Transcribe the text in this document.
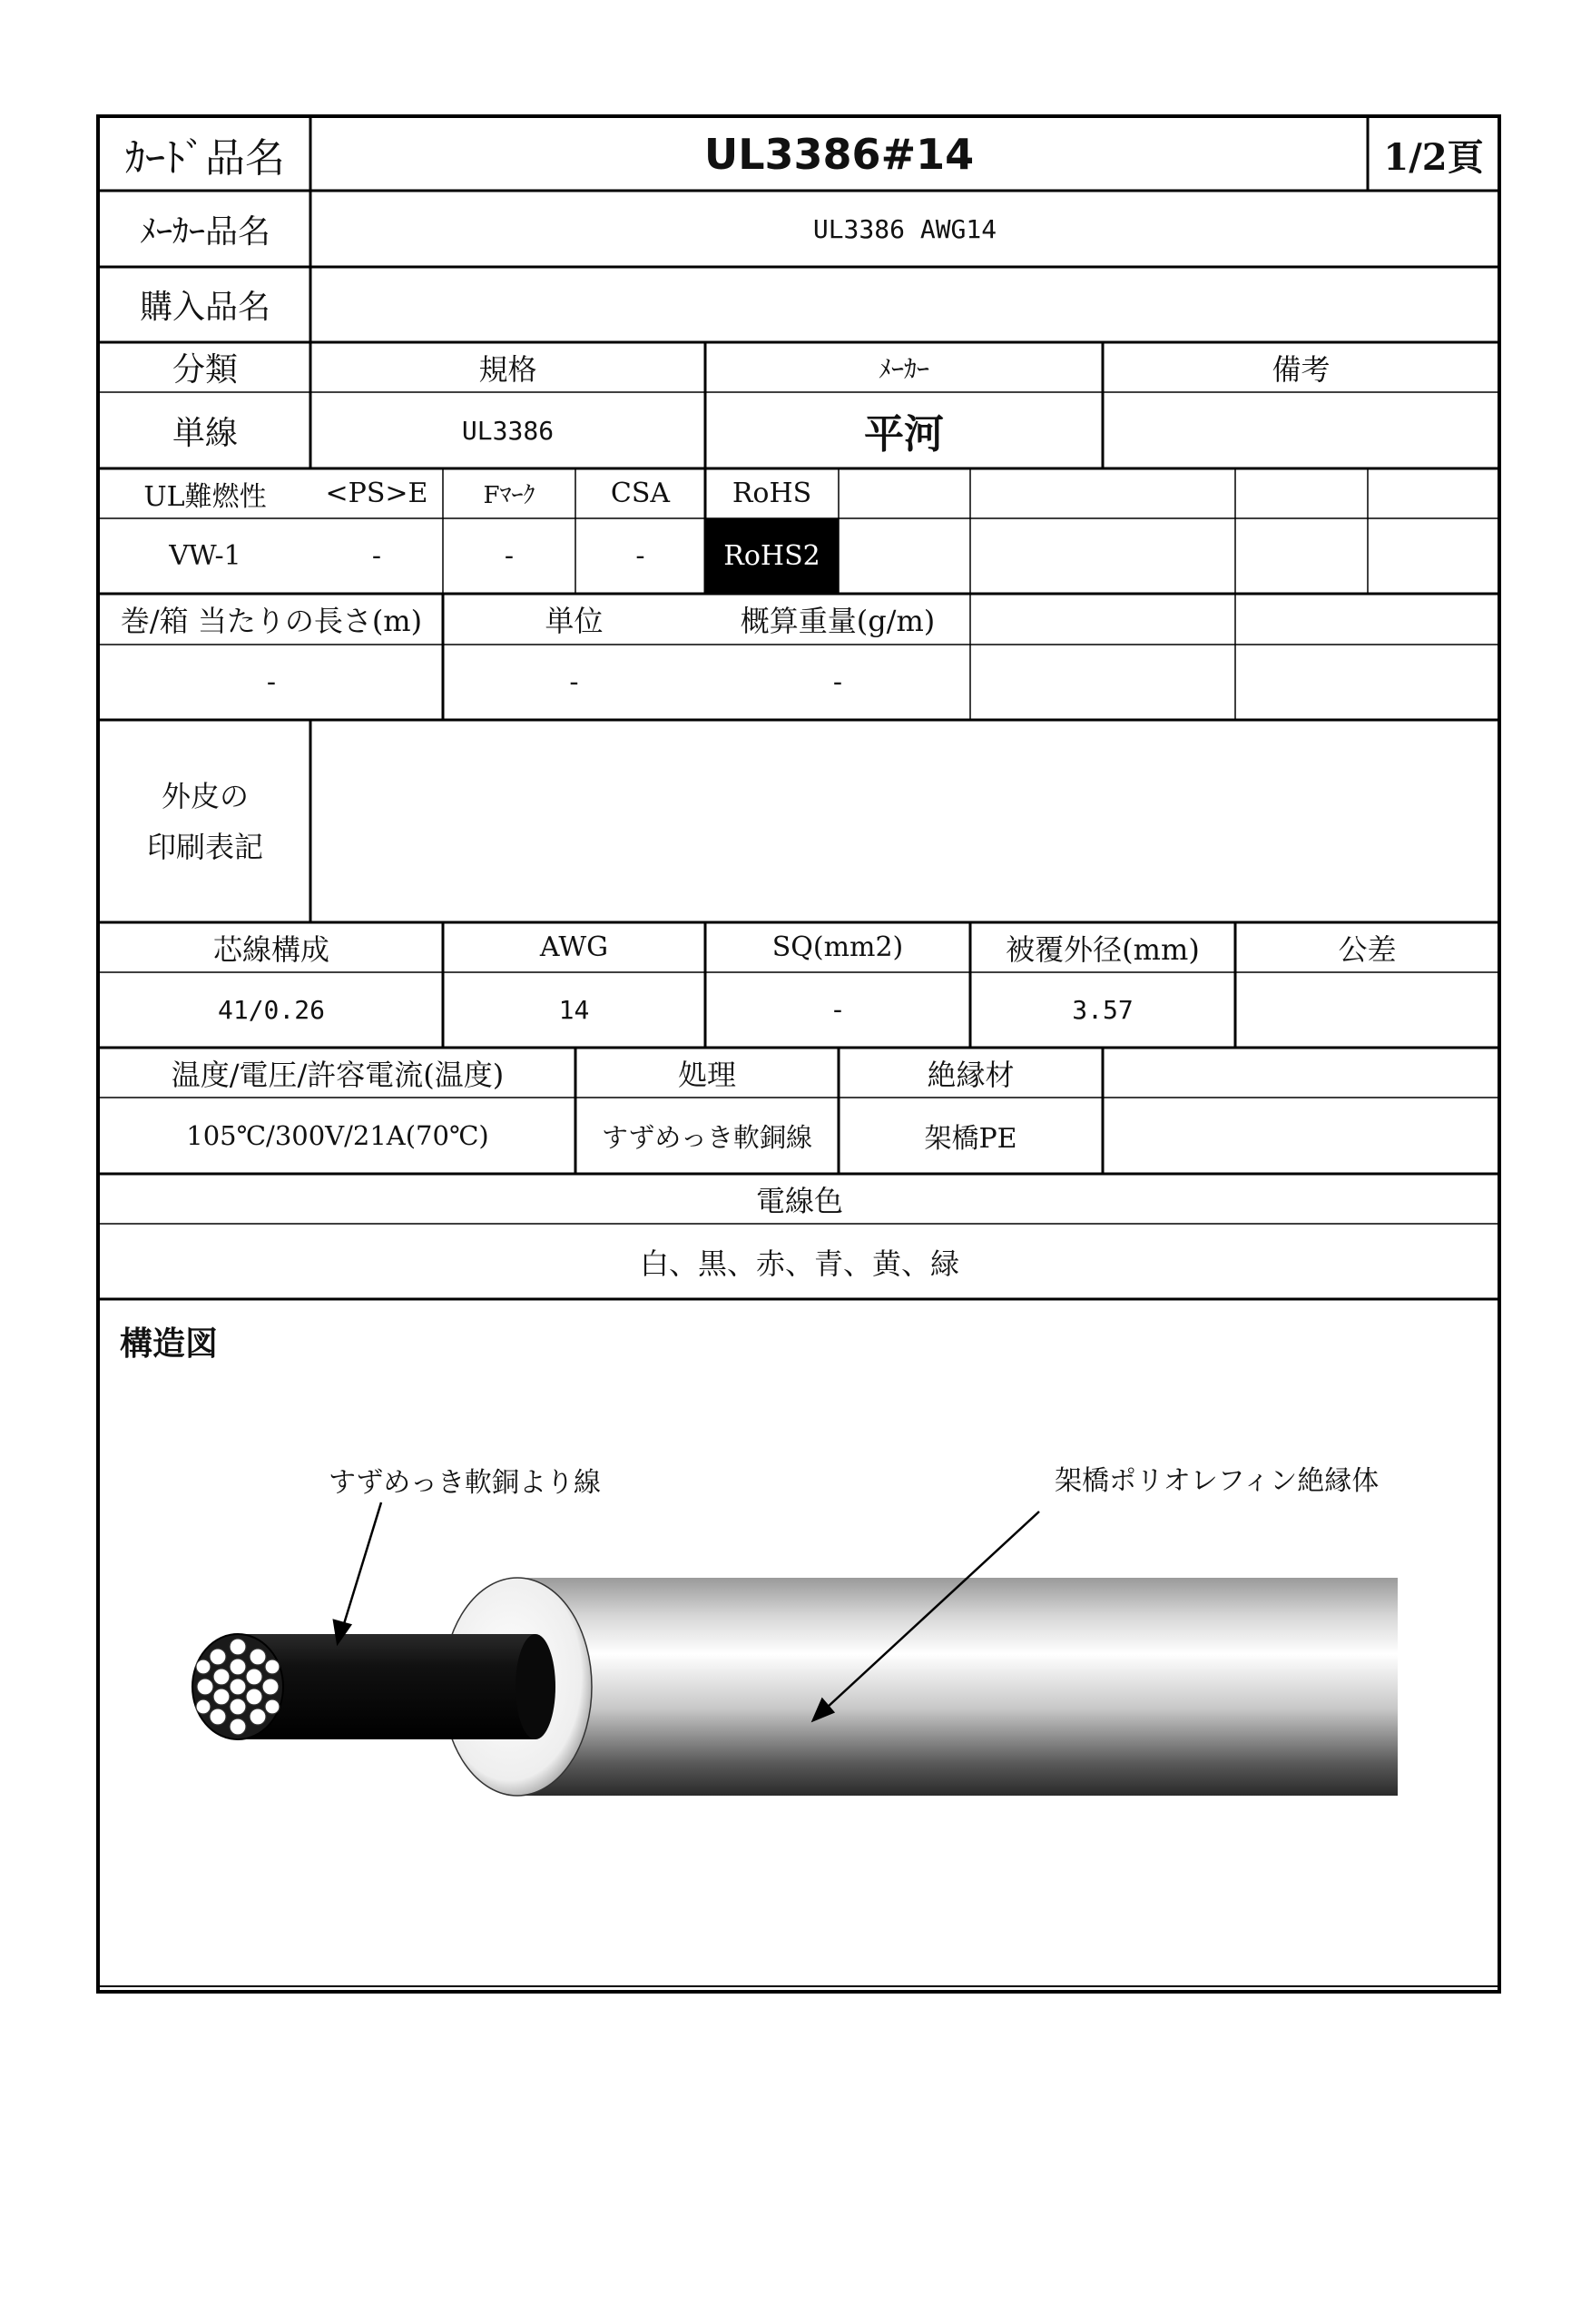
ｶｰﾄﾞ品名	UL3386#14	1/2頁
ﾒｰｶｰ品名	UL3386 AWG14
購入品名
分類	規格	ﾒｰｶｰ	備考
単線	UL3386	平河
UL難燃性	<PS>E	Fﾏｰｸ	CSA	RoHS
VW-1	-	-	-	RoHS2
巻/箱 当たりの長さ(m)	単位	概算重量(g/m)
-	-	-
外皮の
印刷表記
芯線構成	AWG	SQ(mm2)	被覆外径(mm)	公差
41/0.26	14	-	3.57
温度/電圧/許容電流(温度)	処理	絶縁材
105℃/300V/21A(70℃)	すずめっき軟銅線	架橋PE
電線色
白、黒、赤、青、黄、緑
構造図
すずめっき軟銅より線	架橋ポリオレフィン絶縁体
